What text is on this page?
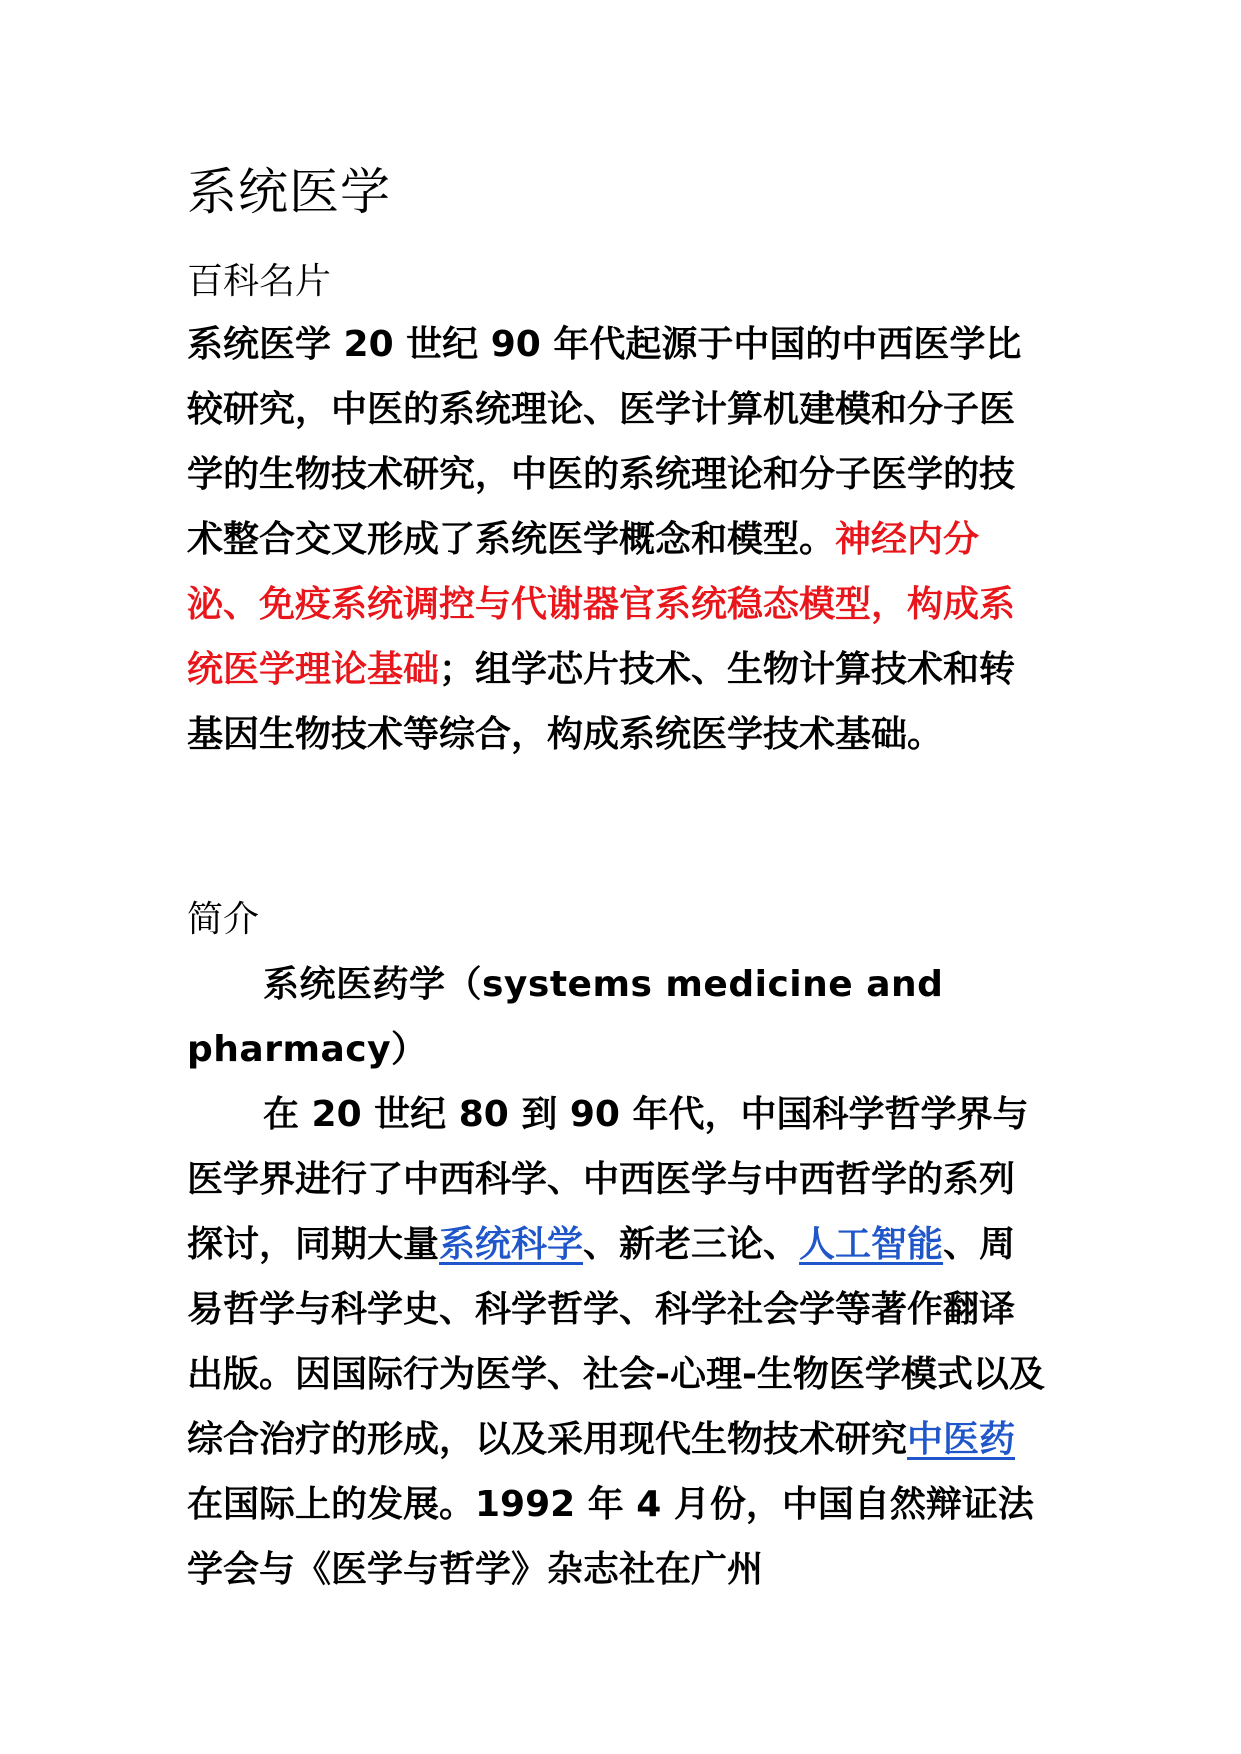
系统医学
百科名片

系统医学 20 世纪 90 年代起源于中国的中西医学比较研究，中医的系统理论、医学计算机建模和分子医学的生物技术研究，中医的系统理论和分子医学的技术整合交叉形成了系统医学概念和模型。神经内分泌、免疫系统调控与代谢器官系统稳态模型，构成系统医学理论基础；组学芯片技术、生物计算技术和转基因生物技术等综合，构成系统医学技术基础。

简介

系统医药学（systems medicine and pharmacy）

在 20 世纪 80 到 90 年代，中国科学哲学界与医学界进行了中西科学、中西医学与中西哲学的系列探讨，同期大量系统科学、新老三论、人工智能、周易哲学与科学史、科学哲学、科学社会学等著作翻译出版。因国际行为医学、社会-心理-生物医学模式以及综合治疗的形成，以及采用现代生物技术研究中医药在国际上的发展。1992 年 4 月份，中国自然辩证法学会与《医学与哲学》杂志社在广州
